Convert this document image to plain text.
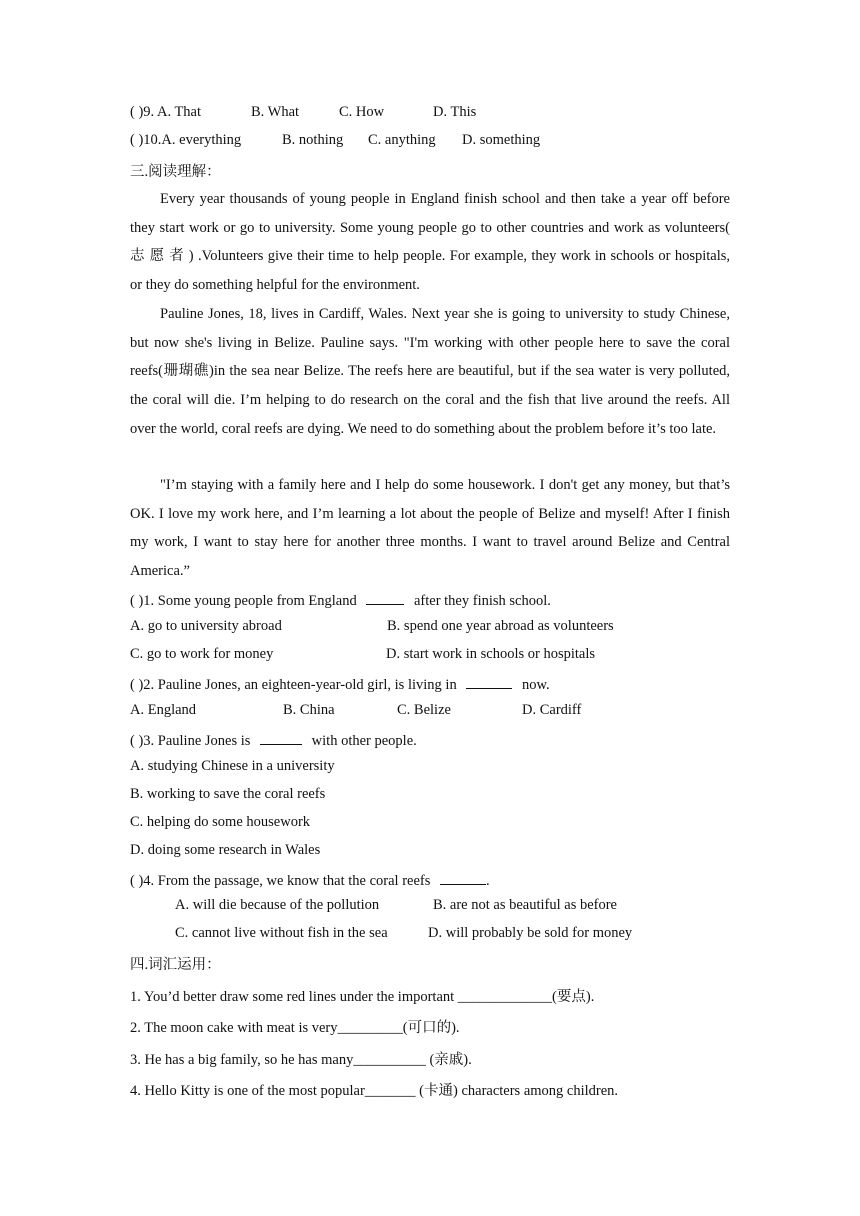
( )9. A. That	B. What	C. How	D. This
( )10.A. everything	B. nothing C. anything D. something
三.阅读理解：
Every year thousands of young people in England finish school and then take a year off before they start work or go to university. Some young people go to other countries and work as volunteers( 志 愿 者 ) .Volunteers give their time to help people. For example, they work in schools or hospitals, or they do something helpful for the environment.
Pauline Jones, 18, lives in Cardiff, Wales. Next year she is going to university to study Chinese, but now she's living in Belize. Pauline says. "I'm working with other people here to save the coral reefs(珊瑚礁)in the sea near Belize. The reefs here are beautiful, but if the sea water is very polluted, the coral will die. I’m helping to do research on the coral and the fish that live around the reefs. All over the world, coral reefs are dying. We need to do something about the problem before it’s too late.
"I’m staying with a family here and I help do some housework. I don't get any money, but that’s OK. I love my work here, and I’m learning a lot about the people of Belize and myself! After I finish my work, I want to stay here for another three months. I want to travel around Belize and Central America.”
( )1. Some young people from England	after they finish school.
A. go to university abroad	B. spend one year abroad as volunteers
C. go to work for money	D. start work in schools or hospitals
( )2. Pauline Jones, an eighteen-year-old girl, is living in	now.
A. England	B. China	C. Belize	D. Cardiff
( )3. Pauline Jones is	with other people.
A. studying Chinese in a university
B. working to save the coral reefs
C. helping do some housework
D. doing some research in Wales
( )4. From the passage, we know that the coral reefs	.
A. will die because of the pollution	B. are not as beautiful as before
C. cannot live without fish in the sea	D. will probably be sold for money
四.词汇运用：
1. You’d better draw some red lines under the important _____________(要点).
2. The moon cake with meat is very_________(可口的).
3. He has a big family, so he has many__________ (亲戚).
4. Hello Kitty is one of the most popular_______ (卡通) characters among children.
